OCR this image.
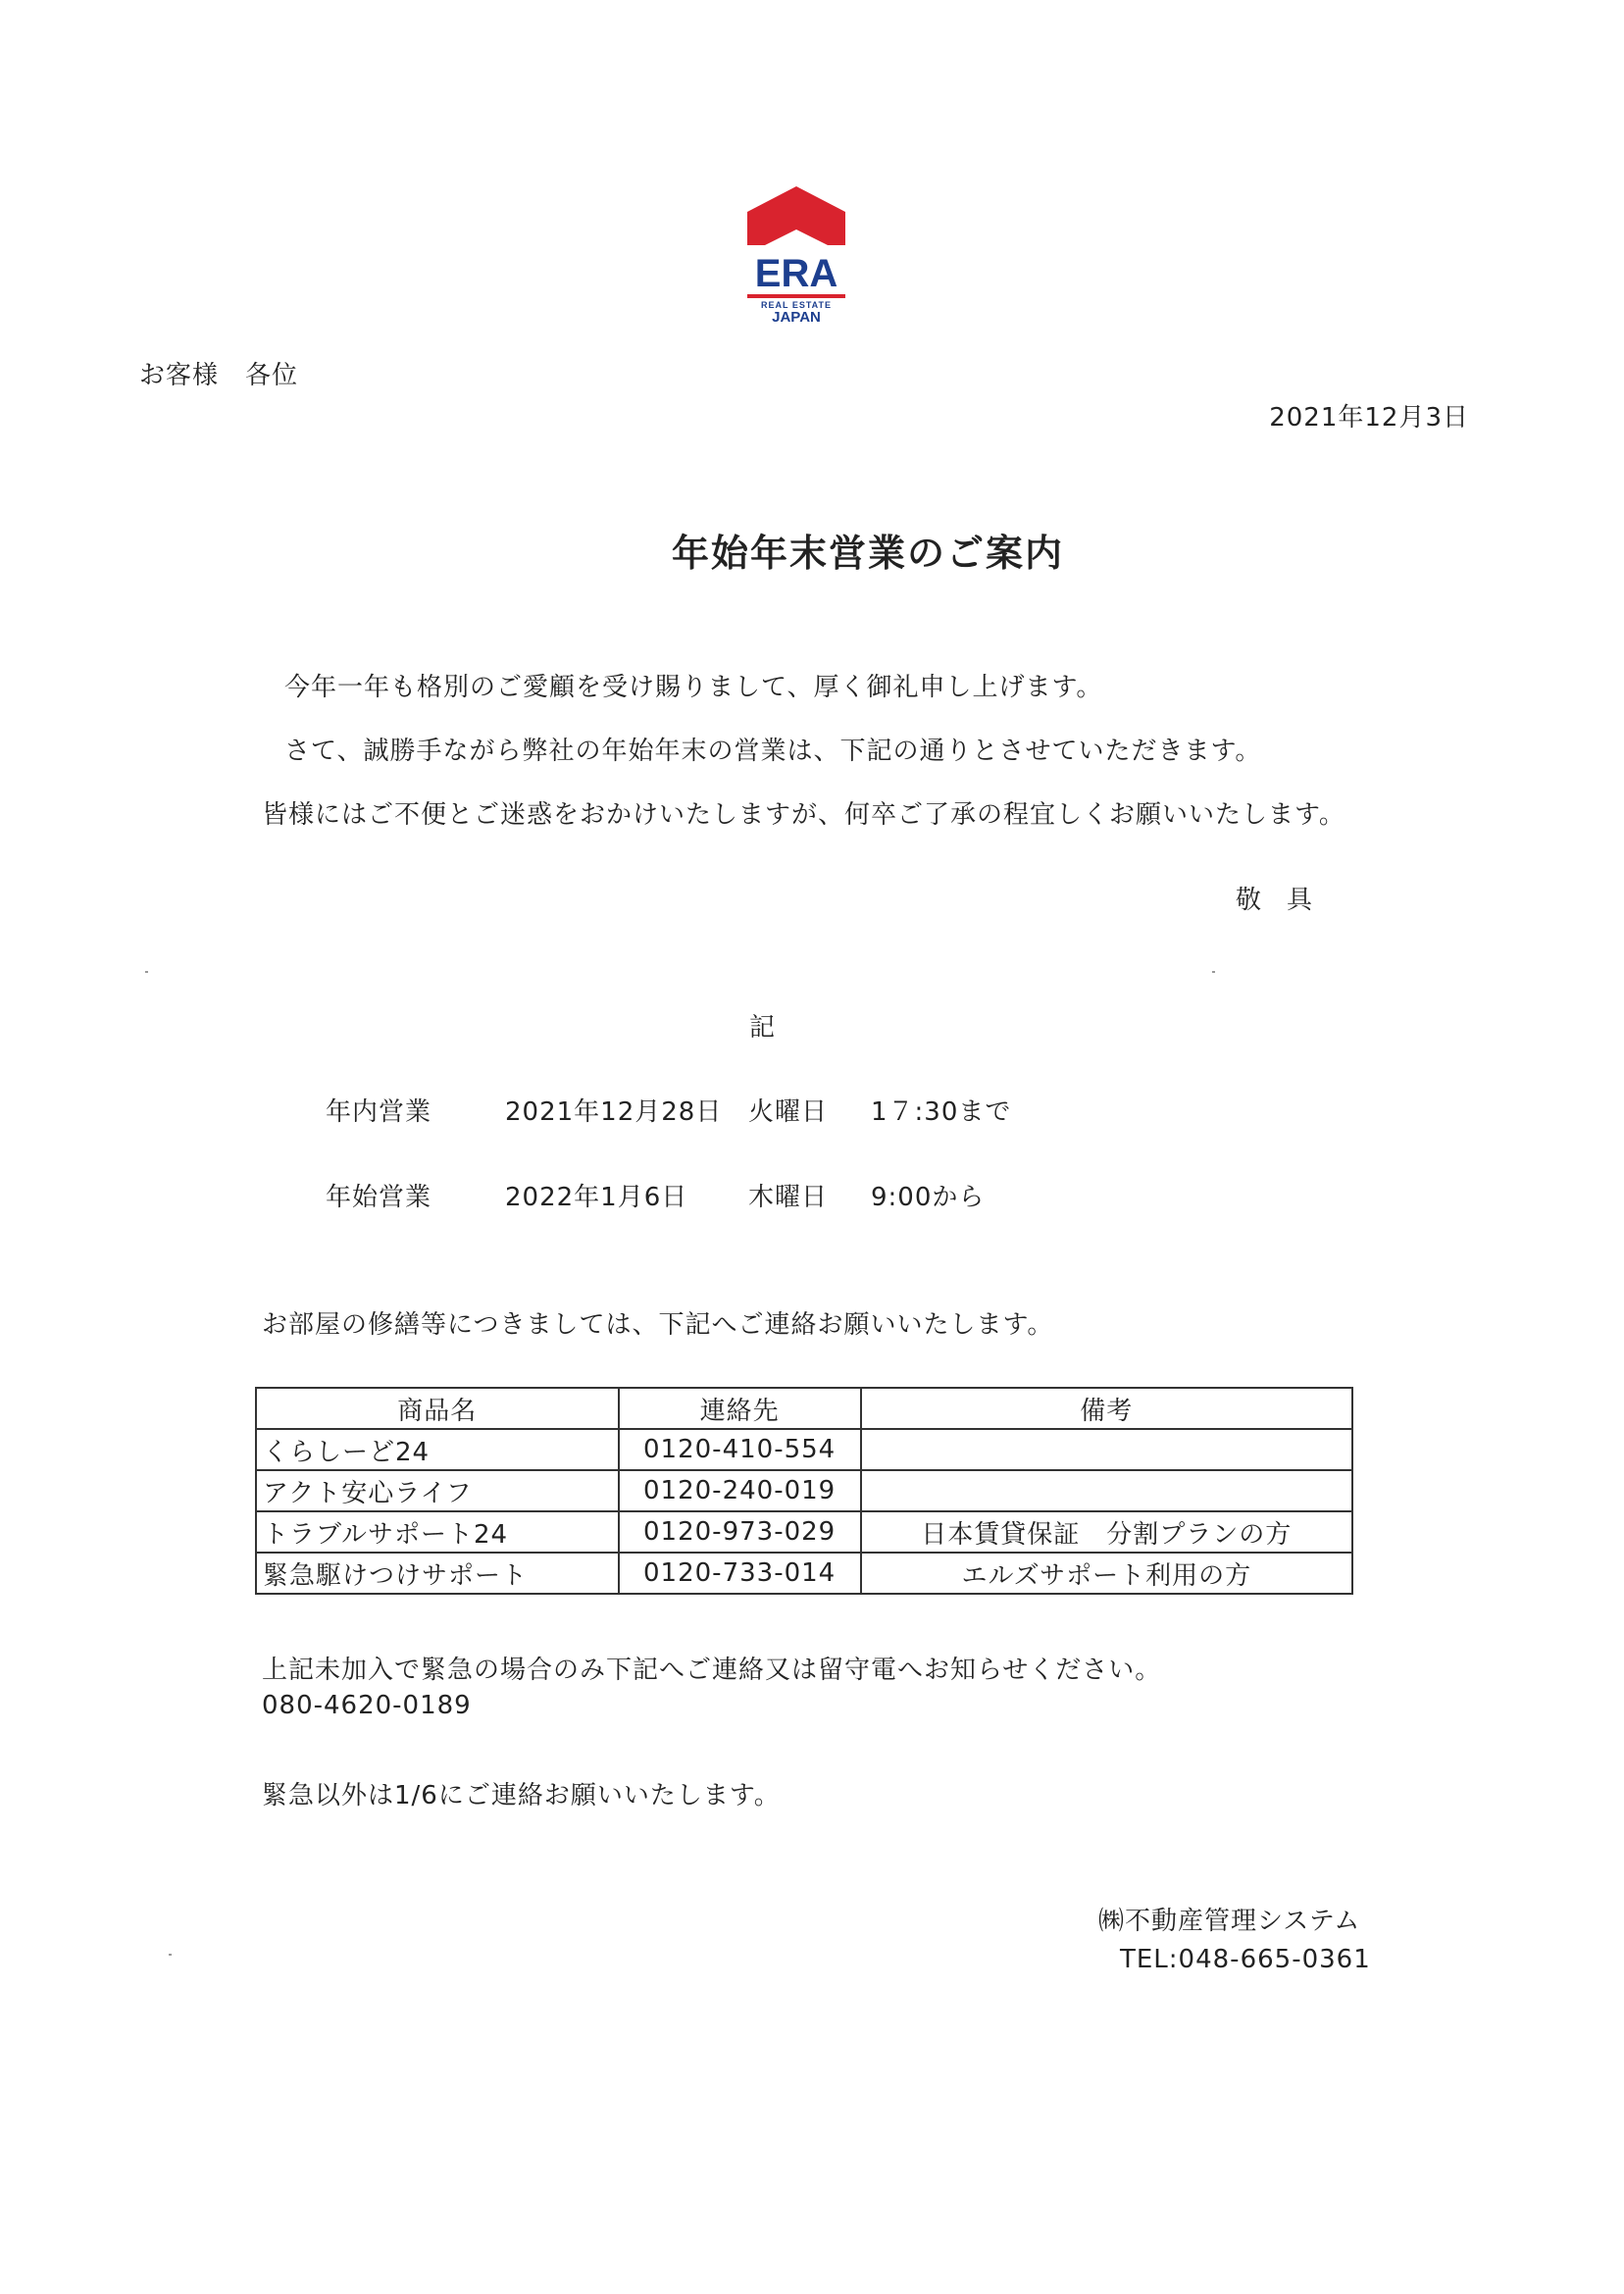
ERA
REAL ESTATE
JAPAN
お客様　各位
2021年12月3日
年始年末営業のご案内
今年一年も格別のご愛顧を受け賜りまして、厚く御礼申し上げます。
さて、誠勝手ながら弊社の年始年末の営業は、下記の通りとさせていただきます。
皆様にはご不便とご迷惑をおかけいたしますが、何卒ご了承の程宜しくお願いいたします。
敬具
記
年内営業	2021年12月28日 火曜日 1７:30まで
年始営業	2022年1月6日 木曜日 9:00から
お部屋の修繕等につきましては、下記へご連絡お願いいたします。
商品名	連絡先	備考
くらしーど24	0120-410-554	
アクト安心ライフ	0120-240-019	
トラブルサポート24	0120-973-029	日本賃貸保証　分割プランの方
緊急駆けつけサポート	0120-733-014	エルズサポート利用の方
上記未加入で緊急の場合のみ下記へご連絡又は留守電へお知らせください。
080-4620-0189
緊急以外は1/6にご連絡お願いいたします。
㈱不動産管理システム
TEL:048-665-0361
